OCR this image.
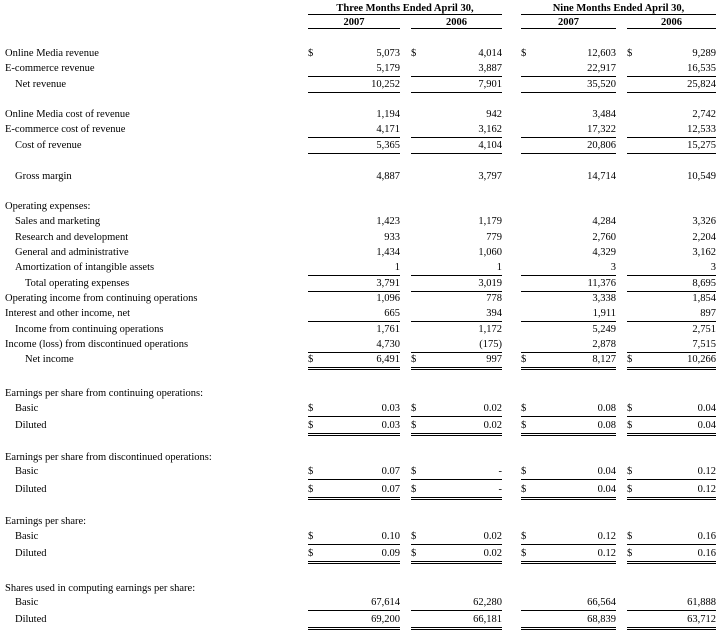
Three Months Ended April 30,	Nine Months Ended April 30,
2007	2006	2007	2006
Online Media revenue	$	5,073 $	4,014 $	12,603 $	9,289
E-commerce revenue	5,179	3,887	22,917	16,535
Net revenue	10,252	7,901	35,520	25,824
Online Media cost of revenue	1,194	942	3,484	2,742
E-commerce cost of revenue	4,171	3,162	17,322	12,533
Cost of revenue	5,365	4,104	20,806	15,275
Gross margin	4,887	3,797	14,714	10,549
Operating expenses:
Sales and marketing	1,423	1,179	4,284	3,326
Research and development	933	779	2,760	2,204
General and administrative	1,434	1,060	4,329	3,162
Amortization of intangible assets	1	1	3	3
Total operating expenses	3,791	3,019	11,376	8,695
Operating income from continuing operations	1,096	778	3,338	1,854
Interest and other income, net	665	394	1,911	897
Income from continuing operations	1,761	1,172	5,249	2,751
Income (loss) from discontinued operations	4,730	(175)	2,878	7,515
Net income	$	6,491 $	997 $	8,127 $	10,266
Earnings per share from continuing operations:
Basic	$	0.03 $	0.02 $	0.08 $	0.04
Diluted	$	0.03 $	0.02 $	0.08 $	0.04
Earnings per share from discontinued operations:
Basic	$	0.07 $	- $	0.04 $	0.12
Diluted	$	0.07 $	- $	0.04 $	0.12
Earnings per share:
Basic	$	0.10 $	0.02 $	0.12 $	0.16
Diluted	$	0.09 $	0.02 $	0.12 $	0.16
Shares used in computing earnings per share:
Basic	67,614	62,280	66,564	61,888
Diluted	69,200	66,181	68,839	63,712
